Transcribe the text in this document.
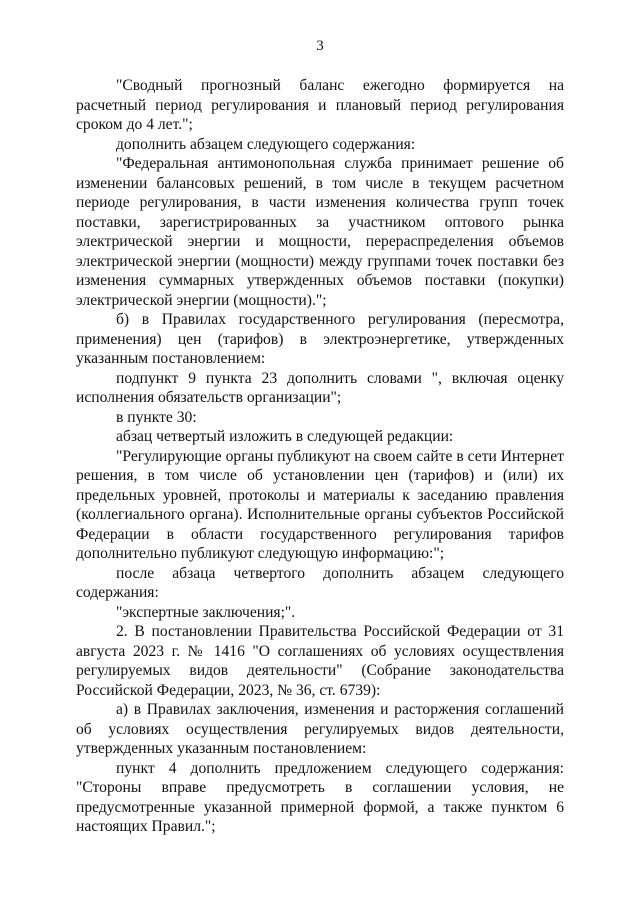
3

"Сводный прогнозный баланс ежегодно формируется на расчетный период регулирования и плановый период регулирования сроком до 4 лет.";

дополнить абзацем следующего содержания:

"Федеральная антимонопольная служба принимает решение об изменении балансовых решений, в том числе в текущем расчетном периоде регулирования, в части изменения количества групп точек поставки, зарегистрированных за участником оптового рынка электрической энергии и мощности, перераспределения объемов электрической энергии (мощности) между группами точек поставки без изменения суммарных утвержденных объемов поставки (покупки) электрической энергии (мощности).";

б) в Правилах государственного регулирования (пересмотра, применения) цен (тарифов) в электроэнергетике, утвержденных указанным постановлением:

подпункт 9 пункта 23 дополнить словами ", включая оценку исполнения обязательств организации";

в пункте 30:

абзац четвертый изложить в следующей редакции:

"Регулирующие органы публикуют на своем сайте в сети Интернет решения, в том числе об установлении цен (тарифов) и (или) их предельных уровней, протоколы и материалы к заседанию правления (коллегиального органа). Исполнительные органы субъектов Российской Федерации в области государственного регулирования тарифов дополнительно публикуют следующую информацию:";

после абзаца четвертого дополнить абзацем следующего содержания:

"экспертные заключения;".

2. В постановлении Правительства Российской Федерации от 31 августа 2023 г. № 1416 "О соглашениях об условиях осуществления регулируемых видов деятельности" (Собрание законодательства Российской Федерации, 2023, № 36, ст. 6739):

а) в Правилах заключения, изменения и расторжения соглашений об условиях осуществления регулируемых видов деятельности, утвержденных указанным постановлением:

пункт 4 дополнить предложением следующего содержания: "Стороны вправе предусмотреть в соглашении условия, не предусмотренные указанной примерной формой, а также пунктом 6 настоящих Правил.";
